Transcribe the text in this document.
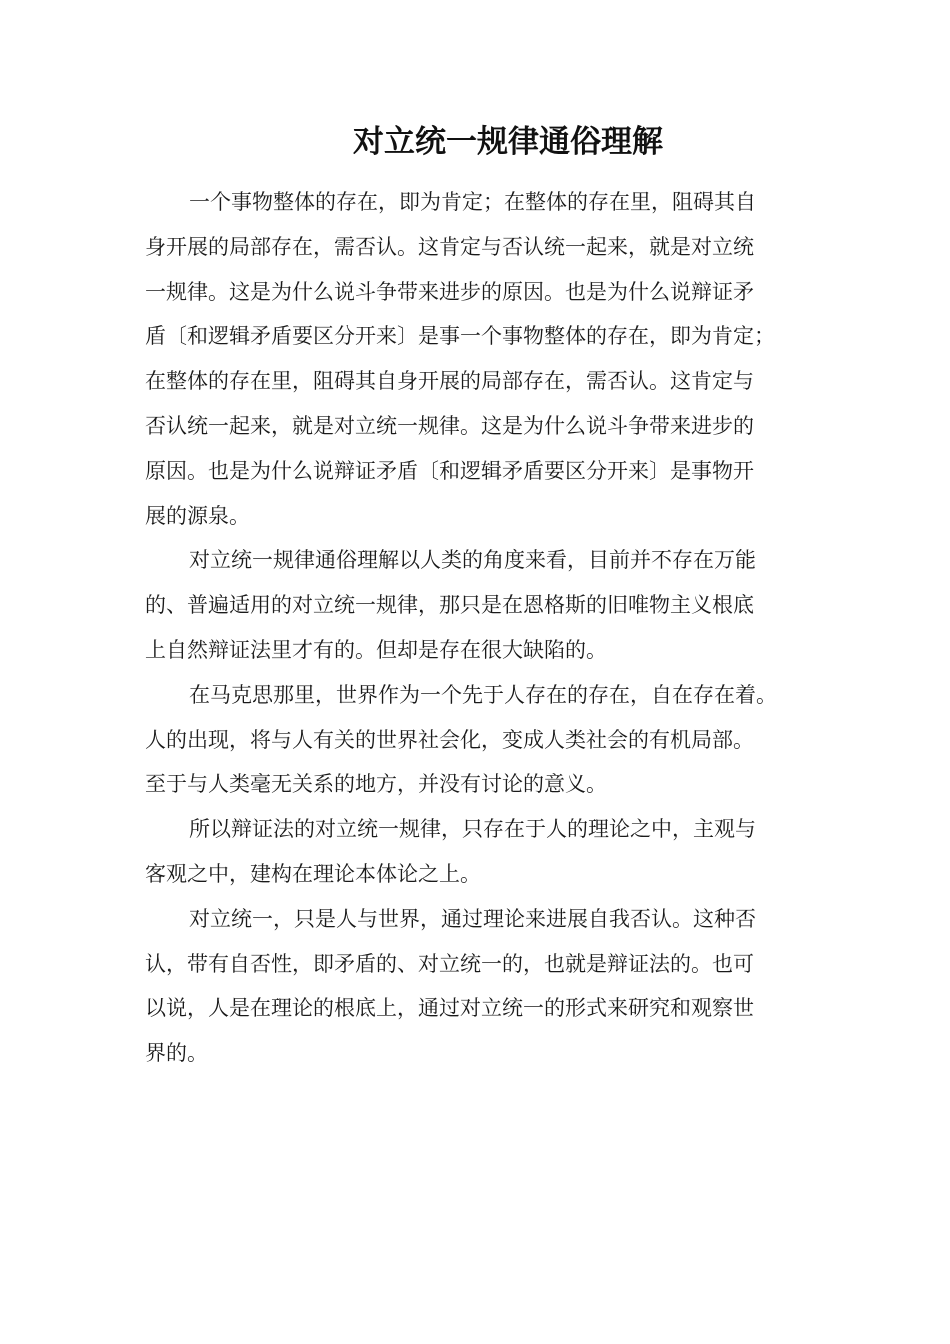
对立统一规律通俗理解

一个事物整体的存在，即为肯定；在整体的存在里，阻碍其自
身开展的局部存在，需否认。这肯定与否认统一起来，就是对立统
一规律。这是为什么说斗争带来进步的原因。也是为什么说辩证矛
盾〔和逻辑矛盾要区分开来〕是事一个事物整体的存在，即为肯定；
在整体的存在里，阻碍其自身开展的局部存在，需否认。这肯定与
否认统一起来，就是对立统一规律。这是为什么说斗争带来进步的
原因。也是为什么说辩证矛盾〔和逻辑矛盾要区分开来〕是事物开
展的源泉。

对立统一规律通俗理解以人类的角度来看，目前并不存在万能
的、普遍适用的对立统一规律，那只是在恩格斯的旧唯物主义根底
上自然辩证法里才有的。但却是存在很大缺陷的。

在马克思那里，世界作为一个先于人存在的存在，自在存在着。
人的出现，将与人有关的世界社会化，变成人类社会的有机局部。
至于与人类毫无关系的地方，并没有讨论的意义。

所以辩证法的对立统一规律，只存在于人的理论之中，主观与
客观之中，建构在理论本体论之上。

对立统一，只是人与世界，通过理论来进展自我否认。这种否
认，带有自否性，即矛盾的、对立统一的，也就是辩证法的。也可
以说，人是在理论的根底上，通过对立统一的形式来研究和观察世
界的。
